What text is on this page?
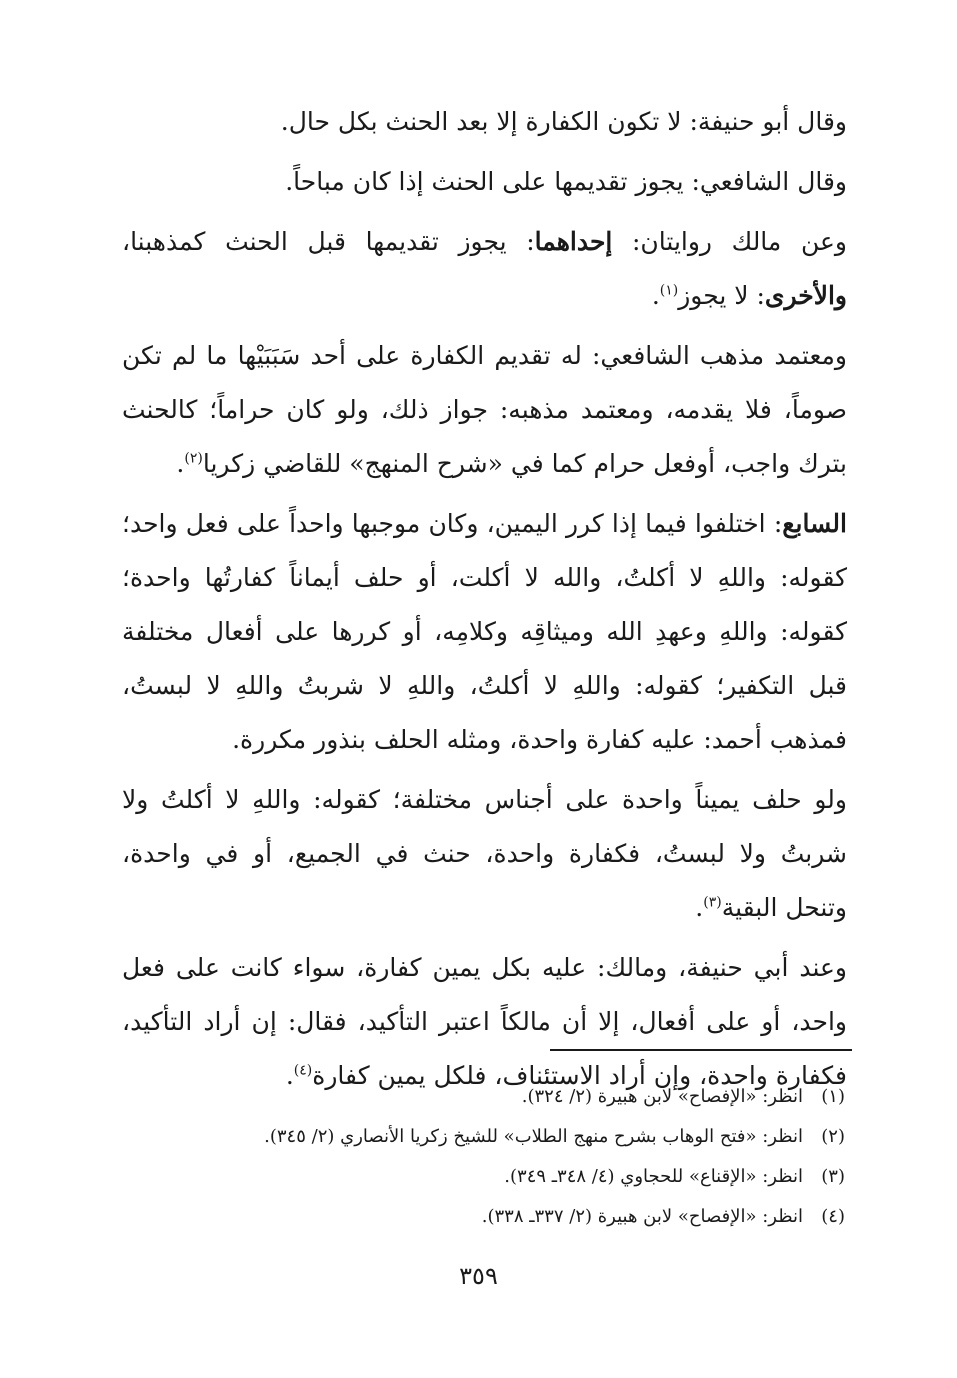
وقال أبو حنيفة: لا تكون الكفارة إلا بعد الحنث بكل حال.

وقال الشافعي: يجوز تقديمها على الحنث إذا كان مباحاً.

وعن مالك روايتان: إحداهما: يجوز تقديمها قبل الحنث كمذهبنا، والأخرى: لا يجوز$^{(١)}$.

ومعتمد مذهب الشافعي: له تقديم الكفارة على أحد سَبَبَيْها ما لم تكن صوماً، فلا يقدمه، ومعتمد مذهبه: جواز ذلك، ولو كان حراماً؛ كالحنث بترك واجب، أوفعل حرام كما في «شرح المنهج» للقاضي زكريا$^{(٢)}$.

السابع: اختلفوا فيما إذا كرر اليمين، وكان موجبها واحداً على فعل واحد؛ كقوله: واللهِ لا أكلتُ، والله لا أكلت، أو حلف أيماناً كفارتُها واحدة؛ كقوله: واللهِ وعهدِ الله وميثاقِه وكلامِه، أو كررها على أفعال مختلفة قبل التكفير؛ كقوله: واللهِ لا أكلتُ، واللهِ لا شربتُ واللهِ لا لبستُ، فمذهب أحمد: عليه كفارة واحدة، ومثله الحلف بنذور مكررة.

ولو حلف يميناً واحدة على أجناس مختلفة؛ كقوله: واللهِ لا أكلتُ ولا شربتُ ولا لبستُ، فكفارة واحدة، حنث في الجميع، أو في واحدة، وتنحل البقية$^{(٣)}$.

وعند أبي حنيفة، ومالك: عليه بكل يمين كفارة، سواء كانت على فعل واحد، أو على أفعال، إلا أن مالكاً اعتبر التأكيد، فقال: إن أراد التأكيد، فكفارة واحدة، وإن أراد الاستئناف، فلكل يمين كفارة$^{(٤)}$.

(١)انظر: «الإفصاح» لابن هبيرة (٢/ ٣٢٤).
(٢)انظر: «فتح الوهاب بشرح منهج الطلاب» للشيخ زكريا الأنصاري (٢/ ٣٤٥).
(٣)انظر: «الإقناع» للحجاوي (٤/ ٣٤٨ـ ٣٤٩).
(٤)انظر: «الإفصاح» لابن هبيرة (٢/ ٣٣٧ـ ٣٣٨).
٣٥٩
